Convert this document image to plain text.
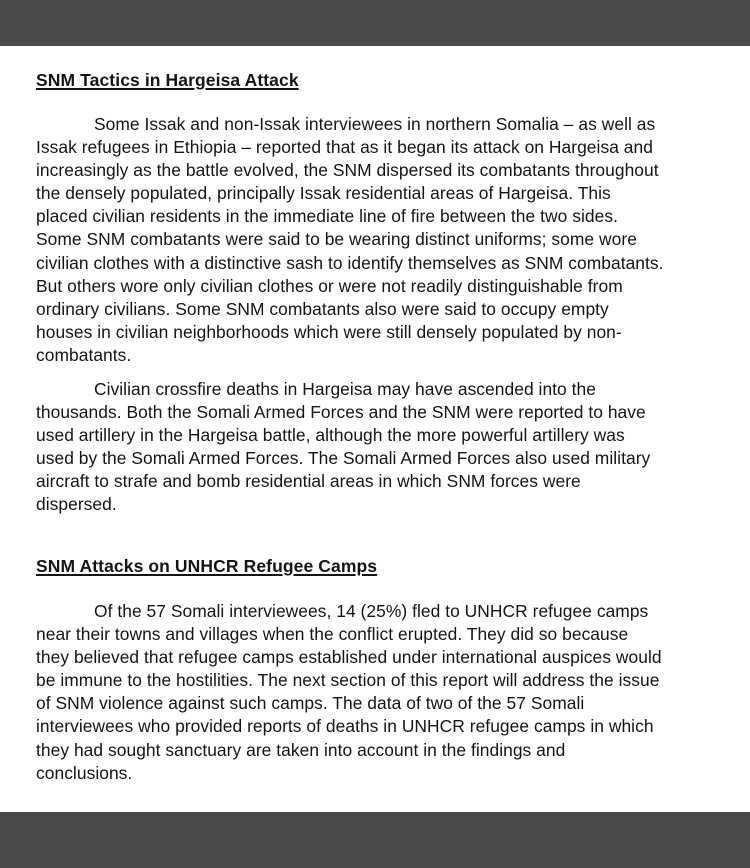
SNM Tactics in Hargeisa Attack
Some Issak and non-Issak interviewees in northern Somalia – as well as
Issak refugees in Ethiopia – reported that as it began its attack on Hargeisa and
increasingly as the battle evolved, the SNM dispersed its combatants throughout
the densely populated, principally Issak residential areas of Hargeisa. This
placed civilian residents in the immediate line of fire between the two sides.
Some SNM combatants were said to be wearing distinct uniforms; some wore
civilian clothes with a distinctive sash to identify themselves as SNM combatants.
But others wore only civilian clothes or were not readily distinguishable from
ordinary civilians. Some SNM combatants also were said to occupy empty
houses in civilian neighborhoods which were still densely populated by non-
combatants.
Civilian crossfire deaths in Hargeisa may have ascended into the
thousands. Both the Somali Armed Forces and the SNM were reported to have
used artillery in the Hargeisa battle, although the more powerful artillery was
used by the Somali Armed Forces. The Somali Armed Forces also used military
aircraft to strafe and bomb residential areas in which SNM forces were
dispersed.
SNM Attacks on UNHCR Refugee Camps
Of the 57 Somali interviewees, 14 (25%) fled to UNHCR refugee camps
near their towns and villages when the conflict erupted. They did so because
they believed that refugee camps established under international auspices would
be immune to the hostilities. The next section of this report will address the issue
of SNM violence against such camps. The data of two of the 57 Somali
interviewees who provided reports of deaths in UNHCR refugee camps in which
they had sought sanctuary are taken into account in the findings and
conclusions.
